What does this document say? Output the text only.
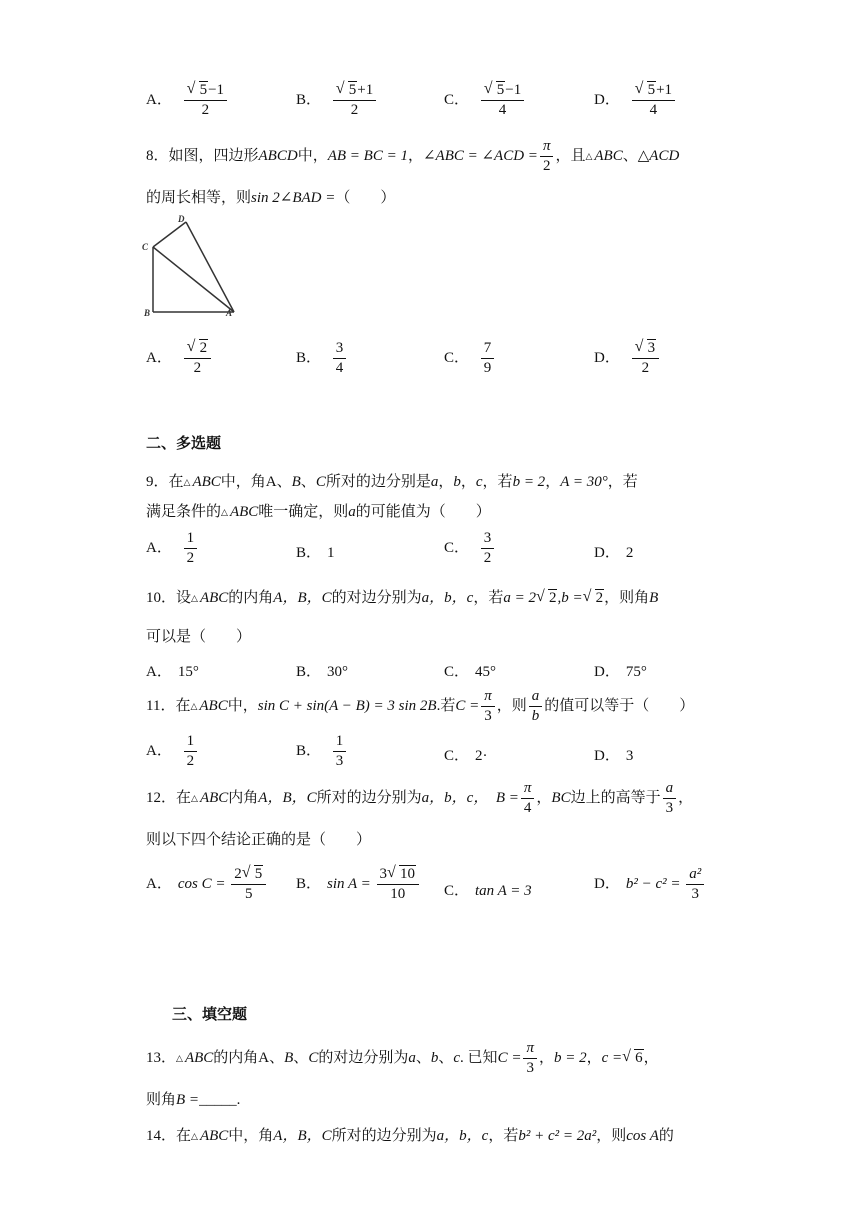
A． √ $\frac{5-1}{2}$	B． √ $\frac{5+1}{2}$	C． √ $\frac{5-1}{4}$	D． √ $\frac{5+1}{4}$
8．如图，四边形ABCD中，AB = BC = 1，∠ABC = ∠ACD = $\frac{\pi}{2}$ ，且△ ABC、△ACD
的周长相等，则sin 2∠BAD =（　　）
D
C
B	A
A． √ $\frac{2}{2}$	B． $\frac{3}{4}$	C． $\frac{7}{9}$	D． √ $\frac{3}{2}$
二、多选题
9．在△ ABC中，角A、B、C所对的边分别是a，b，c，若b = 2，A = 30°，若
满足条件的△ ABC唯一确定，则a的可能值为（　　）
A． $\frac{1}{2}$	B． 1	C． $\frac{3}{2}$	D． 2
10．设△ ABC的内角A，B，C的对边分别为a，b，c，若a = 2 √ 2,b = √ 2，则角B
可以是（　　）
A． 15°	B． 30°	C． 45°	D． 75°
11．在△ ABC中，sin C + sin(A − B) = 3 sin 2B.若$C = \frac{\pi}{3}$ ，则 $\frac{a}{b}$ 的值可以等于（　　）
A． $\frac{1}{2}$	B． $\frac{1}{3}$	C． 2·	D． 3
12．在△ ABC内角A，B，C所对的边分别为a，b，c， $B = \frac{\pi}{4}$ ，BC边上的高等于 $\frac{a}{3}$ ，
则以下四个结论正确的是（　　）
A． $\cos C = \frac{2 √ 5}{5}$ B． $\sin A = \frac{3 √ 10}{10}$ C． tan A = 3	D． $b^2 - c^2 = \frac{\text{a²}}{3}$
三、填空题
13．△ ABC的内角A、B、C的对边分别为a、b、c. 已知$C = \frac{\pi}{3}$ ，b = 2，c = √ 6，
则角B =_____.
14．在△ ABC中，角A，B，C所对的边分别为a，b，c，若b² + c² = 2a²，则cos A的
